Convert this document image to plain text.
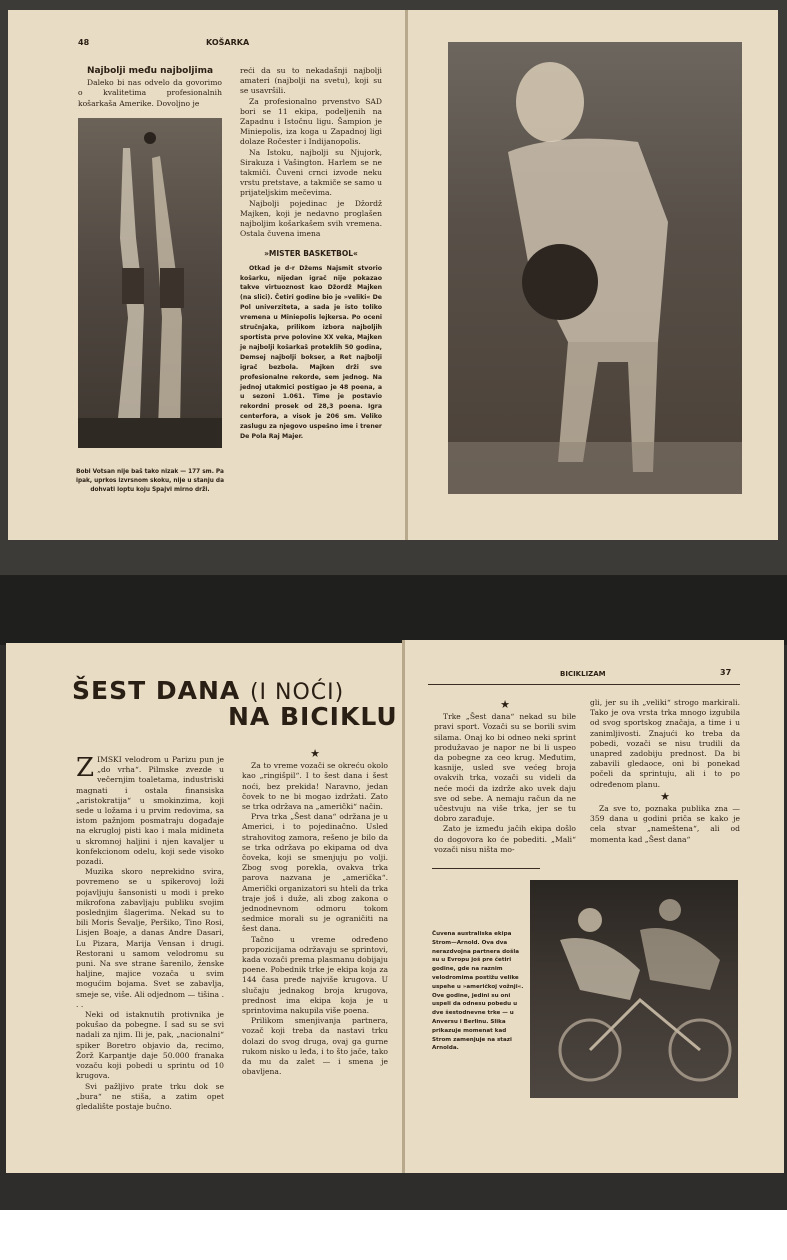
48	KOŠARKA
Najbolji među najboljima

Daleko bi nas odvelo da govorimo o kvalitetima profesionalnih košarkaša Amerike. Dovoljno je

Bobi Votsan nije baš tako nizak — 177 sm. Pa ipak, uprkos izvrsnom skoku, nije u stanju da dohvati loptu koju Spajvi mirno drži.

reći da su to nekadašnji najbolji amateri (najbolji na svetu), koji su se usavršili.

Za profesionalno prvenstvo SAD bori se 11 ekipa, podeljenih na Zapadnu i Istočnu ligu. Šampion je Miniepolis, iza koga u Zapadnoj ligi dolaze Ročester i Indijanopolis.

Na Istoku, najbolji su Njujork, Sirakuza i Vašington. Harlem se ne takmiči. Čuveni crnci izvode neku vrstu pretstave, a takmiče se samo u prijateljskim mečevima.

Najbolji pojedinac je Džordž Majken, koji je nedavno proglašen najboljim košarkašem svih vremena. Ostala čuvena imena

»MISTER BASKETBOL«

Otkad je d-r Džems Najsmit stvorio košarku, nijedan igrač nije pokazao takve virtuoznost kao Džordž Majken (na slici). Četiri godine bio je »veliki« De Pol univerziteta, a sada je isto toliko vremena u Miniepolis lejkersa. Po oceni stručnjaka, prilikom izbora najboljih sportista prve polovine XX veka, Majken je najbolji košarkaš proteklih 50 godina, Demsej najbolji bokser, a Ret najbolji igrač bezbola. Majken drži sve profesionalne rekorde, sem jednog. Na jednoj utakmici postigao je 48 poena, a u sezoni 1.061. Time je postavio rekordni prosek od 28,3 poena. Igra centerfora, a visok je 206 sm. Veliko zaslugu za njegovo uspešno ime i trener De Pola Raj Majer.

ŠEST DANA (I NOĆI)
NA BICIKLU
Z IMSKI velodrom u Parizu pun je „do vrha“. Pilmske zvezde u večernjim toaletama, industriski magnati i ostala finansiska „aristokratija“ u smokinzima, koji sede u ložama i u prvim redovima, sa istom pažnjom posmatraju događaje na ekrugloj pisti kao i mala midineta u skromnoj haljini i njen kavaljer u konfekcionom odelu, koji sede visoko pozadi.

Muzika skoro neprekidno svira, povremeno se u spikerovoj loži pojavljuju šansonisti u modi i preko mikrofona zabavljaju publiku svojim poslednjim šlagerima. Nekad su to bili Moris Ševalje, Peršiko, Tino Rosi, Lisjen Boaje, a danas Andre Dasari, Lu Pizara, Marija Vensan i drugi. Restorani u samom velodromu su puni. Na sve strane šarenilo, ženske haljine, majice vozača u svim mogućim bojama. Svet se zabavlja, smeje se, više. Ali odjednom — tišina . . .

Neki od istaknutih protivnika je pokušao da pobegne. I sad su se svi nadali za njim. Ili je, pak, „nacionalni“ spiker Boretro objavio da, recimo, Žorž Karpantje daje 50.000 franaka vozaču koji pobedi u sprintu od 10 krugova.

Svi pažljivo prate trku dok se „bura“ ne stiša, a zatim opet gledalište postaje bučno.

★

Za to vreme vozači se okreću okolo kao „ringišpil“. I to šest dana i šest noći, bez prekida! Naravno, jedan čovek to ne bi mogao izdržati. Zato se trka održava na „američki“ način.

Prva trka „Šest dana“ održana je u Americi, i to pojedinačno. Usled strahovitog zamora, rešeno je bilo da se trka održava po ekipama od dva čoveka, koji se smenjuju po volji. Zbog svog porekla, ovakva trka parova nazvana je „američka“. Američki organizatori su hteli da trka traje još i duže, ali zbog zakona o jednodnevnom odmoru tokom sedmice morali su je ograničiti na šest dana.

Tačno u vreme određeno propozicijama održavaju se sprintovi, kada vozači prema plasmanu dobijaju poene. Pobednik trke je ekipa koja za 144 časa pređe najviše krugova. U slučaju jednakog broja krugova, prednost ima ekipa koja je u sprintovima nakupila više poena.

Prilikom smenjivanja partnera, vozač koji treba da nastavi trku dolazi do svog druga, ovaj ga gurne rukom nisko u leđa, i to što jače, tako da mu da zalet — i smena je obavljena.

BICIKLIZAM	37
★

Trke „Šest dana“ nekad su bile pravi sport. Vozači su se borili svim silama. Onaj ko bi odneo neki sprint produžavao je napor ne bi li uspeo da pobegne za ceo krug. Međutim, kasnije, usled sve većeg broja ovakvih trka, vozači su videli da neće moći da izdrže ako uvek daju sve od sebe. A nemaju račun da ne učestvuju na više trka, jer se tu dobro zarađuje.

Zato je između jačih ekipa došlo do dogovora ko će pobediti. „Mali“ vozači nisu ništa mo-

gli, jer su ih „veliki“ strogo markirali. Tako je ova vrsta trka mnogo izgubila od svog sportskog značaja, a time i u zanimljivosti. Znajući ko treba da pobedi, vozači se nisu trudili da unapred zadobiju prednost. Da bi zabavili gledaoce, oni bi ponekad počeli da sprintuju, ali i to po određenom planu.

★

Za sve to, poznaka publika zna — 359 dana u godini priča se kako je cela stvar „nameštena“, ali od momenta kad „Šest dana“

Čuvena australiska ekipa Strom—Arnold. Ova dva nerazdvojna partnera došla su u Evropu još pre četiri godine, gde na raznim velodromima postižu velike uspehe u »američkoj vožnji«. Ove godine, jedini su oni uspeli da odnesu pobedu u dve šestodnevne trke — u Anversu i Berlinu. Slika prikazuje momenat kad Strom zamenjuje na stazi Arnolda.
